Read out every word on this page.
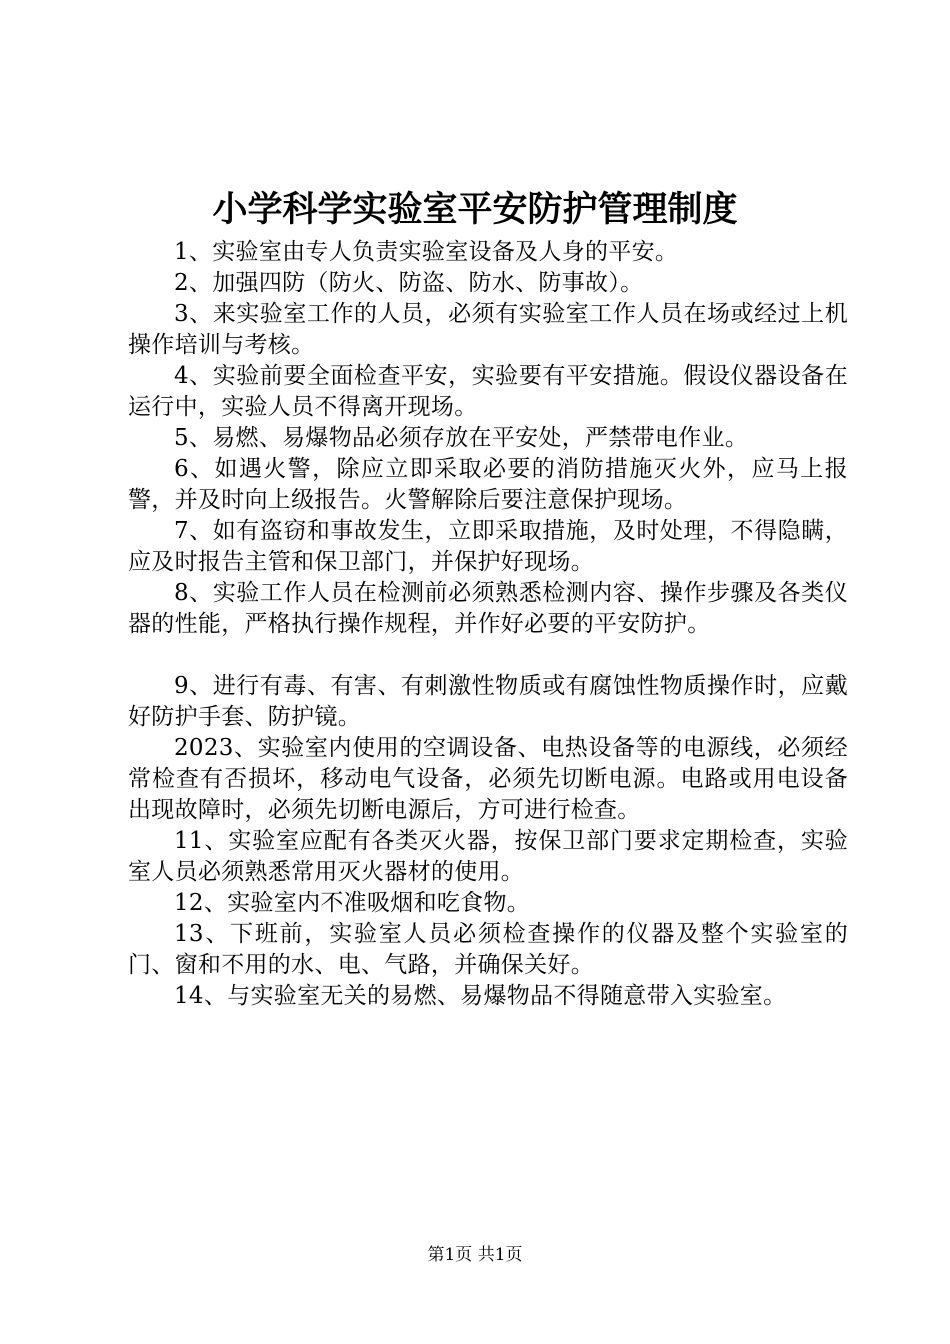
小学科学实验室平安防护管理制度

1、实验室由专人负责实验室设备及人身的平安。

2、加强四防（防火、防盗、防水、防事故）。

3、来实验室工作的人员，必须有实验室工作人员在场或经过上机操作培训与考核。

4、实验前要全面检查平安，实验要有平安措施。假设仪器设备在运行中，实验人员不得离开现场。

5、易燃、易爆物品必须存放在平安处，严禁带电作业。

6、如遇火警，除应立即采取必要的消防措施灭火外，应马上报警，并及时向上级报告。火警解除后要注意保护现场。

7、如有盗窃和事故发生，立即采取措施，及时处理，不得隐瞒，应及时报告主管和保卫部门，并保护好现场。

8、实验工作人员在检测前必须熟悉检测内容、操作步骤及各类仪器的性能，严格执行操作规程，并作好必要的平安防护。

9、进行有毒、有害、有刺激性物质或有腐蚀性物质操作时，应戴好防护手套、防护镜。

2023、实验室内使用的空调设备、电热设备等的电源线，必须经常检查有否损坏，移动电气设备，必须先切断电源。电路或用电设备出现故障时，必须先切断电源后，方可进行检查。

11、实验室应配有各类灭火器，按保卫部门要求定期检查，实验室人员必须熟悉常用灭火器材的使用。

12、实验室内不准吸烟和吃食物。

13、下班前，实验室人员必须检查操作的仪器及整个实验室的门、窗和不用的水、电、气路，并确保关好。

14、与实验室无关的易燃、易爆物品不得随意带入实验室。

第1页 共1页
